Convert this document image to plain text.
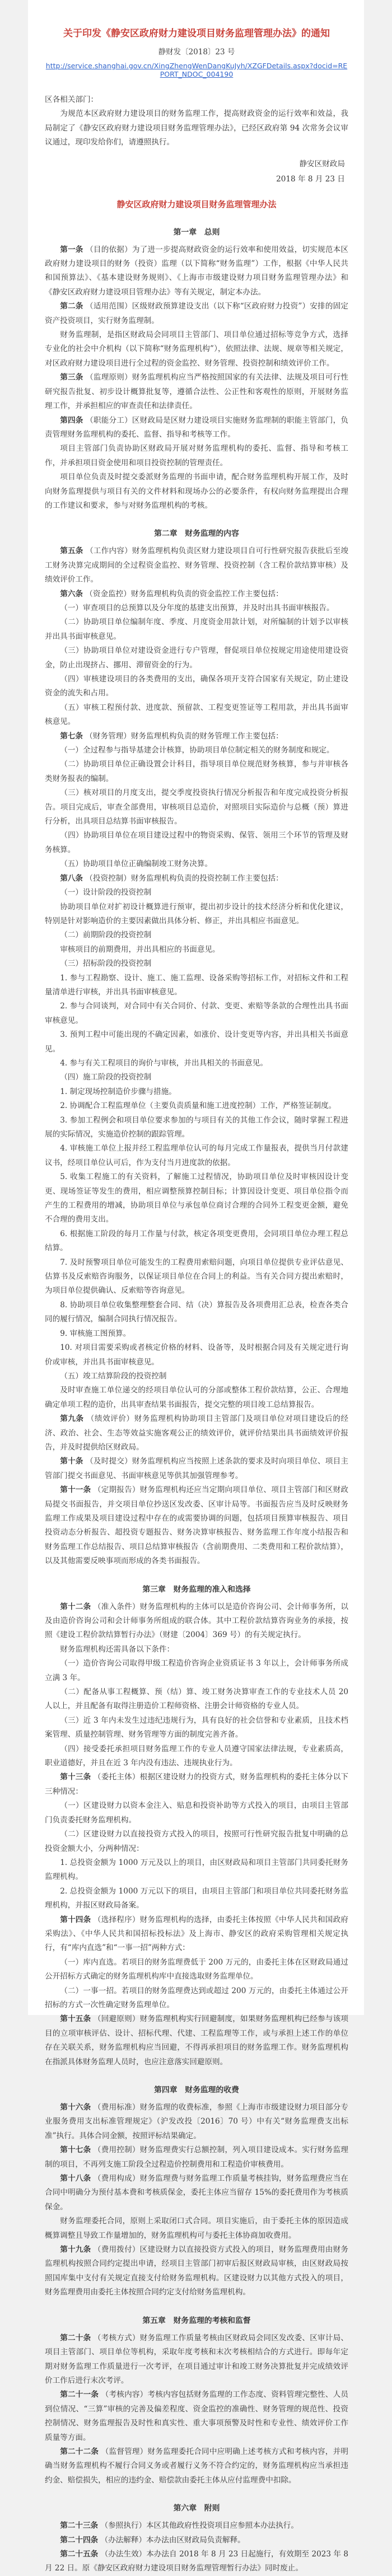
关于印发《静安区政府财力建设项目财务监理管理办法》的通知
静财发〔2018〕23 号
http://service.shanghai.gov.cn/XingZhengWenDangKuJyh/XZGFDetails.aspx?docid=REPORT_NDOC_004190
区各相关部门：

为规范本区政府财力建设项目的财务监理工作，提高财政资金的运行效率和效益，我局制定了《静安区政府财力建设项目财务监理管理办法》，已经区政府第 94 次常务会议审议通过，现印发给你们，请遵照执行。

静安区财政局
2018 年 8 月 23 日
静安区政府财力建设项目财务监理管理办法
第一章　总则

第一条 （目的依据）为了进一步提高财政资金的运行效率和使用效益，切实规范本区政府财力建设项目的财务（投资）监理（以下简称“财务监理”）工作，根据《中华人民共和国预算法》、《基本建设财务规则》、《上海市市级建设财力项目财务监理管理办法》和《静安区政府财力建设项目管理办法》等有关规定，制定本办法。

第二条 （适用范围）区级财政预算建设支出（以下称“区政府财力投资”）安排的固定资产投资项目，实行财务监理制。

财务监理制，是指区财政局会同项目主管部门、项目单位通过招标等竞争方式，选择专业化的社会中介机构（以下简称“财务监理机构”），依照法律、法规、规章等相关规定，对区政府财力建设项目进行全过程的资金监控、财务管理、投资控制和绩效评价工作。

第三条 （监理原则）财务监理机构应当严格按照国家的有关法律、法规及项目可行性研究报告批复、初步设计概算批复等，遵循合法性、公正性和客观性的原则，开展财务监理工作，并承担相应的审查责任和法律责任。

第四条 （职能分工）区财政局是区财力建设项目实施财务监理制的职能主管部门，负责管理财务监理机构的委托、监督、指导和考核等工作。

项目主管部门负责协助区财政局开展对财务监理机构的委托、监督、指导和考核工作，并承担项目资金使用和项目投资控制的管理责任。

项目单位负责及时提交委派财务监理的书面申请，配合财务监理机构开展工作，及时向财务监理提供与项目有关的文件材料和现场办公的必要条件，有权向财务监理提出合理的工作建议和要求，参与对财务监理机构的考核。

第二章　财务监理的内容

第五条 （工作内容）财务监理机构负责区财力建设项目自可行性研究报告获批后至竣工财务决算完成期间的全过程资金监控、财务管理、投资控制（含工程价款结算审核）及绩效评价工作。

第六条 （资金监控）财务监理机构负责的资金监控工作主要包括：

（一）审查项目的总预算以及分年度的基建支出预算，并及时出具书面审核报告。

（二）协助项目单位编制年度、季度、月度资金用款计划，对所编制的计划予以审核并出具书面审核意见。

（三）协助项目单位对建设资金进行专户管理，督促项目单位按规定用途使用建设资金，防止出现挤占、挪用、滞留资金的行为。

（四）审核建设项目的各类费用的支出，确保各项开支符合国家有关规定，防止建设资金的流失和占用。

（五）审核工程预付款、进度款、预留款、工程变更签证等工程用款，并出具书面审核意见。

第七条 （财务管理）财务监理机构负责的财务管理工作主要包括：

（一）全过程参与指导基建会计核算，协助项目单位制定相关的财务制度和规定。

（二）协助项目单位正确设置会计科目，指导项目单位规范财务核算，参与并审核各类财务报表的编制。

（三）核对项目的月度支出，提交季度投资执行情况分析报告和年度完成投资分析报告。项目完成后，审查全部费用，审核项目总造价，对照项目实际造价与总概（预）算进行分析，出具项目总结算书面审核报告。

（四）协助项目单位在项目建设过程中的物资采购、保管、领用三个环节的管理及财务核算。

（五）协助项目单位正确编制竣工财务决算。

第八条 （投资控制）财务监理机构负责的投资控制工作主要包括：

（一）设计阶段的投资控制

协助项目单位对扩初设计概算进行预审，提出初步设计的技术经济分析和优化建议，特别是针对影响造价的主要因素做出具体分析、修正，并出具相应书面意见。

（二）前期阶段的投资控制

审核项目的前期费用，并出具相应的书面意见。

（三）招标阶段的投资控制

1. 参与工程勘察、设计、施工、施工监理、设备采购等招标工作，对招标文件和工程量清单进行审核，并出具书面审核意见。

2. 参与合同谈判，对合同中有关合同价、付款、变更、索赔等条款的合理性出具书面审核意见。

3. 预判工程中可能出现的不确定因素，如涨价、设计变更等内容，并出具相关书面意见。

4. 参与有关工程项目的询价与审核，并出具相关的书面意见。

（四）施工阶段的投资控制

1. 制定现场控制造价步骤与措施。

2. 协调配合工程监理单位（主要负责质量和施工进度控制）工作，严格签证制度。

3. 参加工程例会和项目单位要求参加的与项目有关的其他工作会议，随时掌握工程进展的实际情况，实施造价控制的跟踪管理。

4. 审核施工单位上报并经工程监理单位认可的每月完成工作量报表，提供当月付款建议书，经项目单位认可后，作为支付当月进度款的依据。

5. 收集工程施工的有关资料，了解施工过程情况，协助项目单位及时审核因设计变更、现场签证等发生的费用，相应调整预算控制目标；计算因设计变更、项目单位指令而产生的工程费用的增减，协助项目单位与承包单位商讨合理的合同外工程变更金额，避免不合理的费用支出。

6. 根据施工阶段的每月工作量与付款，核定各项变更费用，会同项目单位办理工程总结算。

7. 及时预警项目单位可能发生的工程费用索赔问题，向项目单位提供专业评估意见、估算书及反索赔咨询服务，以保证项目单位在合同上的利益。当有关合同方提出索赔时，为项目单位提供确认、反索赔等咨询意见。

8. 协助项目单位收集整理整套合同、结（决）算报告及各项费用汇总表，检查各类合同的履行情况，编制合同执行情况报告。

9. 审核施工图预算。

10. 对项目需要采购或者核定价格的材料、设备等，及时根据合同及有关规定进行询价或审核，并出具书面审核意见。

（五）竣工结算阶段的投资控制

及时审查施工单位递交的经项目单位认可的分部或整体工程价款结算，公正、合理地确定单项工程的造价，出具审查结果书面报告，提交完整的项目竣工总结算报告。

第九条 （绩效评价）财务监理机构协助项目主管部门及项目单位对项目建设后的经济、政治、社会、生态等效益实施客观公正的绩效评价，就评价结果出具书面绩效评价报告，并及时提供给区财政局。

第十条 （及时提交）财务监理机构应当按照上述条款的要求及时向项目单位、项目主管部门提交书面意见、书面审核意见等供其加强管理参考。

第十一条 （定期报告）财务监理机构还应当定期向项目单位、项目主管部门和区财政局提交书面报告，并交项目单位抄送区发改委、区审计局等。书面报告应当及时反映财务监理工作成果及项目建设过程中存在的或需要协调的问题，包括项目预算审核报告、项目投资动态分析报告、超投资专题报告、财务决算审核报告、财务监理工作年度小结报告和财务监理工作总结报告、项目总结算审核报告（含前期费用、二类费用和工程价款结算），以及其他需要反映事项而形成的各类书面报告。

第三章　财务监理的准入和选择

第十二条 （准入条件）财务监理机构的主体可以是造价咨询公司、会计师事务所，以及由造价咨询公司和会计师事务所组成的联合体。其中工程价款结算咨询业务的承接，按照《建设工程价款结算暂行办法》（财建〔2004〕369 号）的有关规定执行。

财务监理机构还需具备以下条件：

（一）造价咨询公司取得甲级工程造价咨询企业资质证书 3 年以上，会计师事务所成立满 3 年。

（二）配备从事工程概算、预（结）算、竣工财务决算审查工作的专业技术人员 20 人以上，并且配备有取得注册造价工程师资格、注册会计师资格的专业人员。

（三）近 3 年内未发生过违纪违规行为，具有良好的社会信誉和专业素质，且技术档案管理、质量控制管理、财务管理等方面的制度完善齐备。

（四）接受委托承担项目财务监理工作的专业人员遵守国家法律法规，专业素质高，职业道德好，并且在近 3 年内没有违法、违规执业行为。

第十三条 （委托主体）根据区建设财力的投资方式，财务监理机构的委托主体分以下三种情况：

（一）区建设财力以资本金注入、贴息和投资补助等方式投入的项目，由项目主管部门负责委托财务监理机构。

（二）区建设财力以直接投资方式投入的项目，按照可行性研究报告批复中明确的总投资金额大小，分两种情况：

1. 总投资金额为 1000 万元及以上的项目，由区财政局和项目主管部门共同委托财务监理机构。

2. 总投资金额为 1000 万元以下的项目，由项目主管部门和项目单位共同委托财务监理机构，并报区财政局备案。

第十四条 （选择程序）财务监理机构的选择，由委托主体按照《中华人民共和国政府采购法》、《中华人民共和国招标投标法》及上海市、静安区的政府采购管理相关规定执行，有“库内直选”和“一事一招”两种方式：

（一）库内直选。若项目的财务监理费低于 200 万元的，由委托主体在区财政局通过公开招标方式确定的财务监理机构库中直接选取财务监理单位。

（二）一事一招。若项目的财务监理费达到或超过 200 万元的，由委托主体通过公开招标的方式一次性确定财务监理单位。

第十五条 （回避原则）财务监理机构实行回避制度，如果财务监理机构已经参与该项目的立项审核评估、设计、招标代理、代建、工程监理等工作，或与承担上述工作的单位存在关联关系，财务监理机构应当回避，不得再承担项目的财务监理工作。财务监理机构在指派具体财务监理人员时，也应注意落实回避原则。

第四章　财务监理的收费

第十六条 （费用标准）财务监理的收费标准，参照《上海市市级建设财力项目部分专业服务费用支出标准管理规定》（沪发改投〔2016〕70 号）中有关“财务监理费支出标准”执行。具体合同金额，按照评标结果确定。

第十七条 （费用控制）财务监理费实行总额控制，列入项目建设成本。实行财务监理制的项目，不再列支施工阶段全过程造价控制费用和工程造价审核费用。

第十八条 （费用构成）财务监理费与财务监理工作质量考核挂钩，财务监理费应当在合同中明确分为预付基本费和考核质保金，委托主体应当留存 15%的委托费用作为考核质保金。

财务监理委托合同，原则上采取闭口式合同。项目实施后，由于委托主体的原因造成概算调整且导致工作量增加的，财务监理机构可与委托主体协商加收费用。

第十九条 （费用拨付）区建设财力以直接投资方式投入的项目，财务监理费用由财务监理机构按照合同约定提出申请，经项目主管部门初审后报区财政局审核，由区财政局按照国库集中支付有关规定直接支付给财务监理机构。区建设财力以其他方式投入的项目，财务监理费用由委托主体按照合同约定支付给财务监理机构。

第五章　财务监理的考核和监督

第二十条 （考核方式）财务监理工作质量考核由区财政局会同区发改委、区审计局、项目主管部门、项目单位等机构，采取年度考核和末次考核相结合的方式进行。即每年定期对财务监理工作质量进行一次考评，在项目通过审计和竣工财务决算批复并完成绩效评价工作后进行末次考评。

第二十一条 （考核内容）考核内容包括财务监理的工作态度、资料管理完整性、人员到位情况、“三算”审核的完善及偏差程度、资金监控的准确性、财务管理的规范性、投资控制情况、财务监理报告及时性和真实性、重大事项预警及时性和专业性、绩效评价工作质量等方面。

第二十二条 （监督管理）财务监理委托合同中应明确上述考核方式和考核内容，并明确当财务监理机构不履行合同义务或者履行义务不符合约定的，财务监理机构应当承担违约金、赔偿损失，相应的违约金、赔偿款由委托主体从应付监理费中扣除。

第六章　附则

第二十三条 （参照执行）本区其他政府性投资项目应参照本办法执行。

第二十四条 （办法解释）本办法由区财政局负责解释。

第二十五条 （办法生效）本办法自 2018 年 8 月 23 日起施行，有效期至 2023 年 8 月 22 日。原《静安区政府财力建设项目财务监理管理暂行办法》同时废止。
